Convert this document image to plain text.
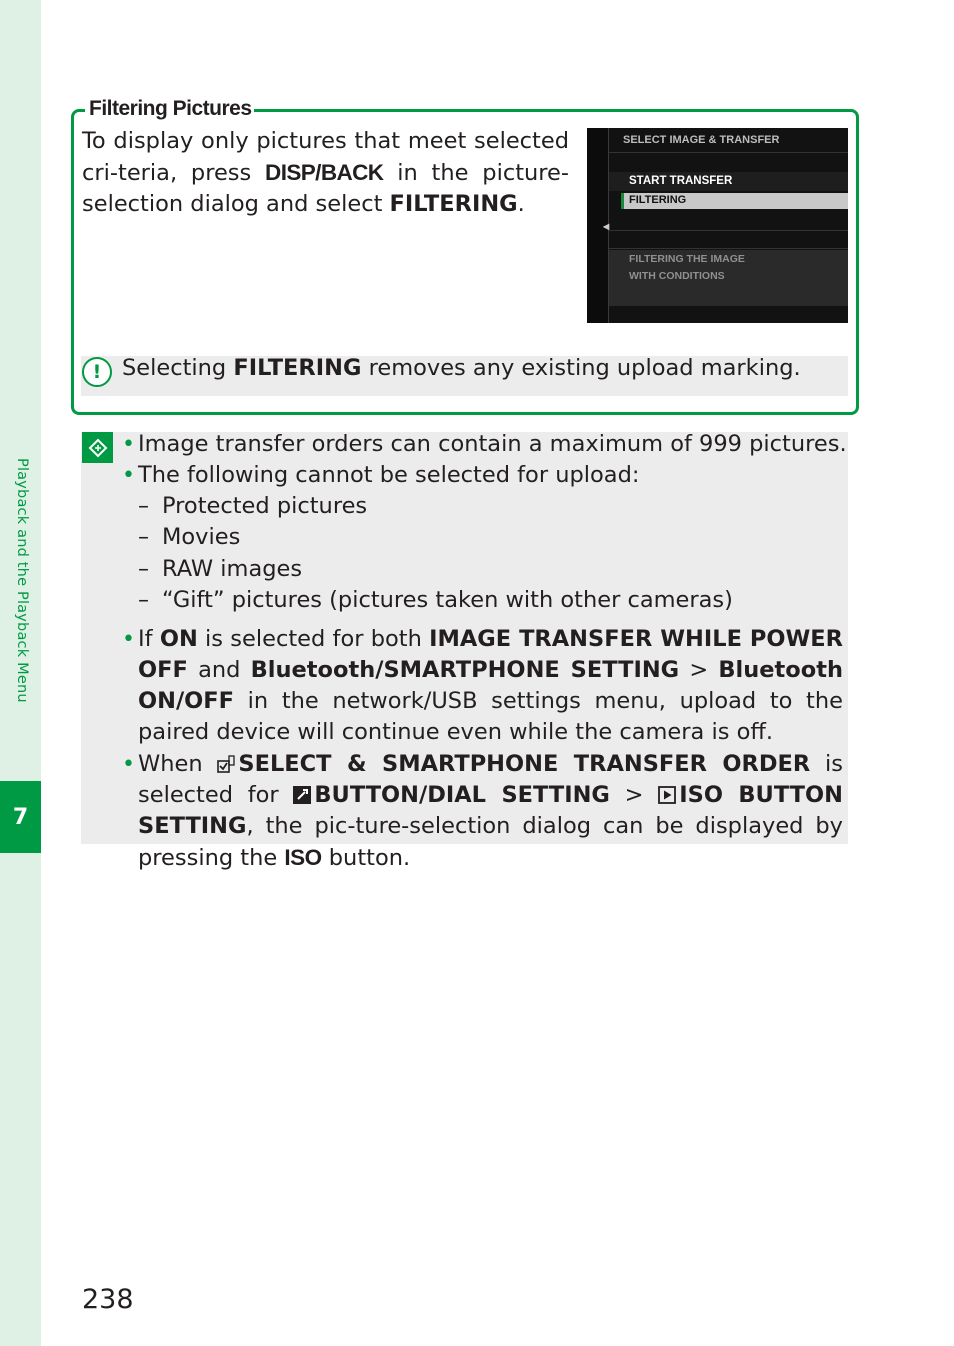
Playback and the Playback Menu
7
Filtering Pictures
To display only pictures that meet selected cri-teria, press DISP/BACK in the picture-selection dialog and select FILTERING.
◀
SELECT IMAGE & TRANSFER
START TRANSFER
FILTERING
FILTERING THE IMAGE
WITH CONDITIONS
! Selecting FILTERING removes any existing upload marking.
• Image transfer orders can contain a maximum of 999 pictures.
• The following cannot be selected for upload:
– Protected pictures
– Movies
– RAW images
– “Gift” pictures (pictures taken with other cameras)
• If ON is selected for both IMAGE TRANSFER WHILE POWER OFF and Bluetooth/SMARTPHONE SETTING > Bluetooth ON/OFF in the network/USB settings menu, upload to the paired device will continue even while the camera is off.
• When SELECT & SMARTPHONE TRANSFER ORDER is selected for BUTTON/DIAL SETTING > ISO BUTTON SETTING, the pic-ture-selection dialog can be displayed by pressing the ISO button.
238
